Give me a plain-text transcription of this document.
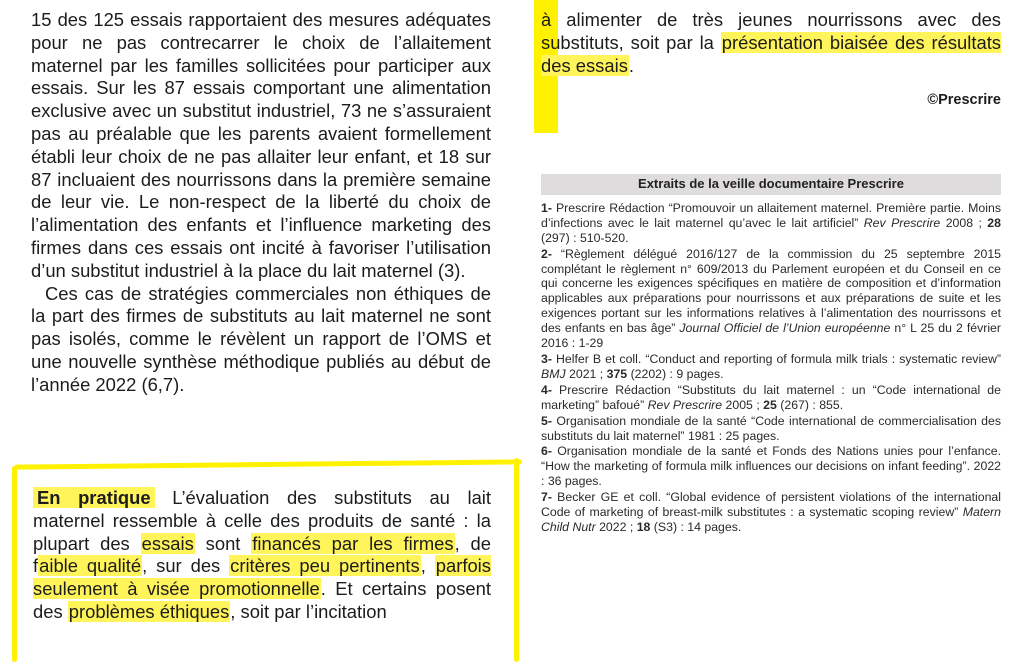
15 des 125 essais rapportaient des mesures adéquates pour ne pas contrecarrer le choix de l’allaitement maternel par les familles sollicitées pour participer aux essais. Sur les 87 essais comportant une alimentation exclusive avec un substitut industriel, 73 ne s’assuraient pas au préalable que les parents avaient formellement établi leur choix de ne pas allaiter leur enfant, et 18 sur 87 incluaient des nourrissons dans la première semaine de leur vie. Le non-respect de la liberté du choix de l’alimentation des enfants et l’influence marketing des firmes dans ces essais ont incité à favoriser l’utilisation d’un substitut industriel à la place du lait maternel (3).

Ces cas de stratégies commerciales non éthiques de la part des firmes de substituts au lait maternel ne sont pas isolés, comme le révèlent un rapport de l’OMS et une nouvelle synthèse méthodique publiés au début de l’année 2022 (6,7).

En pratique L’évaluation des substituts au lait maternel ressemble à celle des produits de santé : la plupart des essais sont financés par les firmes, de faible qualité, sur des critères peu pertinents, parfois seulement à visée promotionnelle. Et certains posent des problèmes éthiques, soit par l’incitation
à alimenter de très jeunes nourrissons avec des substituts, soit par la présentation biaisée des résultats des essais.
©Prescrire
Extraits de la veille documentaire Prescrire

1- Prescrire Rédaction “Promouvoir un allaitement maternel. Première partie. Moins d’infections avec le lait maternel qu’avec le lait artificiel” Rev Prescrire 2008 ; 28 (297) : 510-520.

2- “Règlement délégué 2016/127 de la commission du 25 septembre 2015 complétant le règlement n° 609/2013 du Parlement européen et du Conseil en ce qui concerne les exigences spécifiques en matière de composition et d’information applicables aux préparations pour nourrissons et aux préparations de suite et les exigences portant sur les informations relatives à l’alimentation des nourrissons et des enfants en bas âge” Journal Officiel de l’Union européenne n° L 25 du 2 février 2016 : 1-29

3- Helfer B et coll. “Conduct and reporting of formula milk trials : systematic review” BMJ 2021 ; 375 (2202) : 9 pages.

4- Prescrire Rédaction “Substituts du lait maternel : un “Code international de marketing” bafoué” Rev Prescrire 2005 ; 25 (267) : 855.

5- Organisation mondiale de la santé “Code international de commercialisation des substituts du lait maternel” 1981 : 25 pages.

6- Organisation mondiale de la santé et Fonds des Nations unies pour l’enfance. “How the marketing of formula milk influences our decisions on infant feeding”. 2022 : 36 pages.

7- Becker GE et coll. “Global evidence of persistent violations of the international Code of marketing of breast-milk substitutes : a systematic scoping review” Matern Child Nutr 2022 ; 18 (S3) : 14 pages.
